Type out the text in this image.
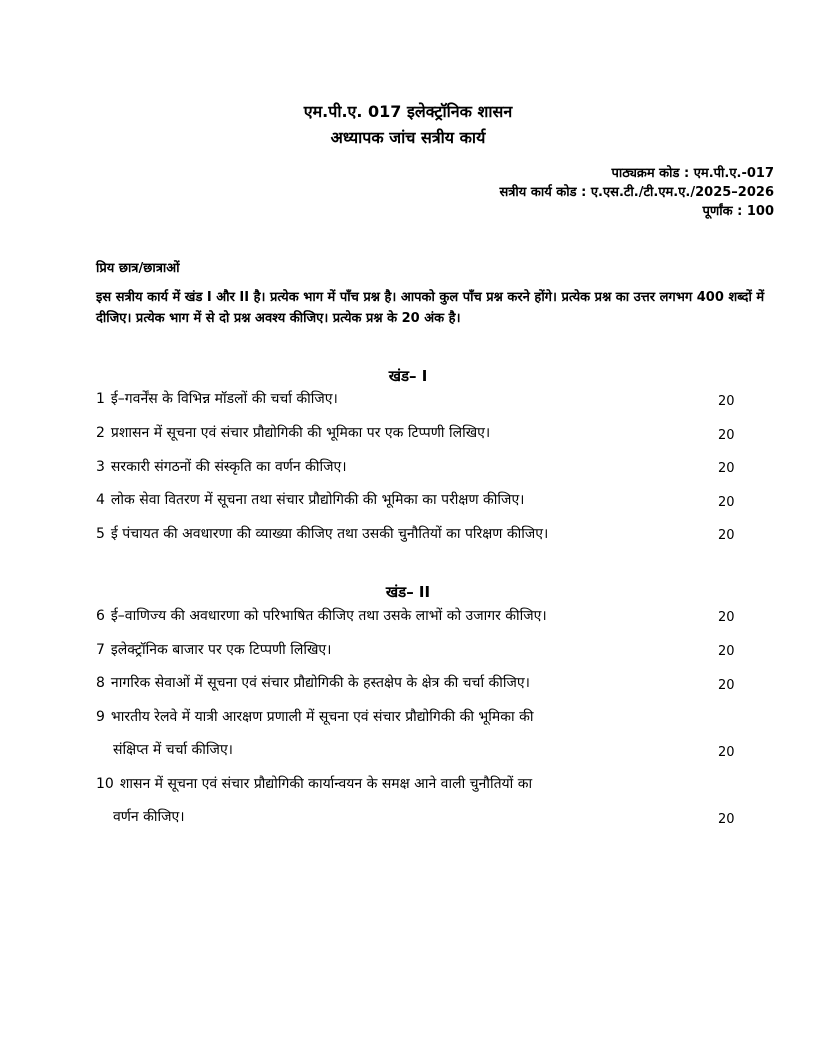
एम.पी.ए. 017 इलेक्ट्रॉनिक शासन
अध्यापक जांच सत्रीय कार्य
पाठ्यक्रम कोड : एम.पी.ए.-017
सत्रीय कार्य कोड : ए.एस.टी./टी.एम.ए./2025–2026
पूर्णांक : 100
प्रिय छात्र/छात्राओं
इस सत्रीय कार्य में खंड I और II है। प्रत्येक भाग में पाँच प्रश्न है। आपको कुल पाँच प्रश्न करने होंगे। प्रत्येक प्रश्न का उत्तर लगभग 400 शब्दों में दीजिए। प्रत्येक भाग में से दो प्रश्न अवश्य कीजिए। प्रत्येक प्रश्न के 20 अंक है।
खंड– I
1 ई–गवर्नेंस के विभिन्न मॉडलों की चर्चा कीजिए।	20
2 प्रशासन में सूचना एवं संचार प्रौद्योगिकी की भूमिका पर एक टिप्पणी लिखिए।	20
3 सरकारी संगठनों की संस्कृति का वर्णन कीजिए।	20
4 लोक सेवा वितरण में सूचना तथा संचार प्रौद्योगिकी की भूमिका का परीक्षण कीजिए।	20
5 ई पंचायत की अवधारणा की व्याख्या कीजिए तथा उसकी चुनौतियों का परिक्षण कीजिए।	20
खंड– II
6 ई–वाणिज्य की अवधारणा को परिभाषित कीजिए तथा उसके लाभों को उजागर कीजिए।	20
7 इलेक्ट्रॉनिक बाजार पर एक टिप्पणी लिखिए।	20
8 नागरिक सेवाओं में सूचना एवं संचार प्रौद्योगिकी के हस्तक्षेप के क्षेत्र की चर्चा कीजिए।	20
9 भारतीय रेलवे में यात्री आरक्षण प्रणाली में सूचना एवं संचार प्रौद्योगिकी की भूमिका की
संक्षिप्त में चर्चा कीजिए।	20
10 शासन में सूचना एवं संचार प्रौद्योगिकी कार्यान्वयन के समक्ष आने वाली चुनौतियों का
वर्णन कीजिए।	20
